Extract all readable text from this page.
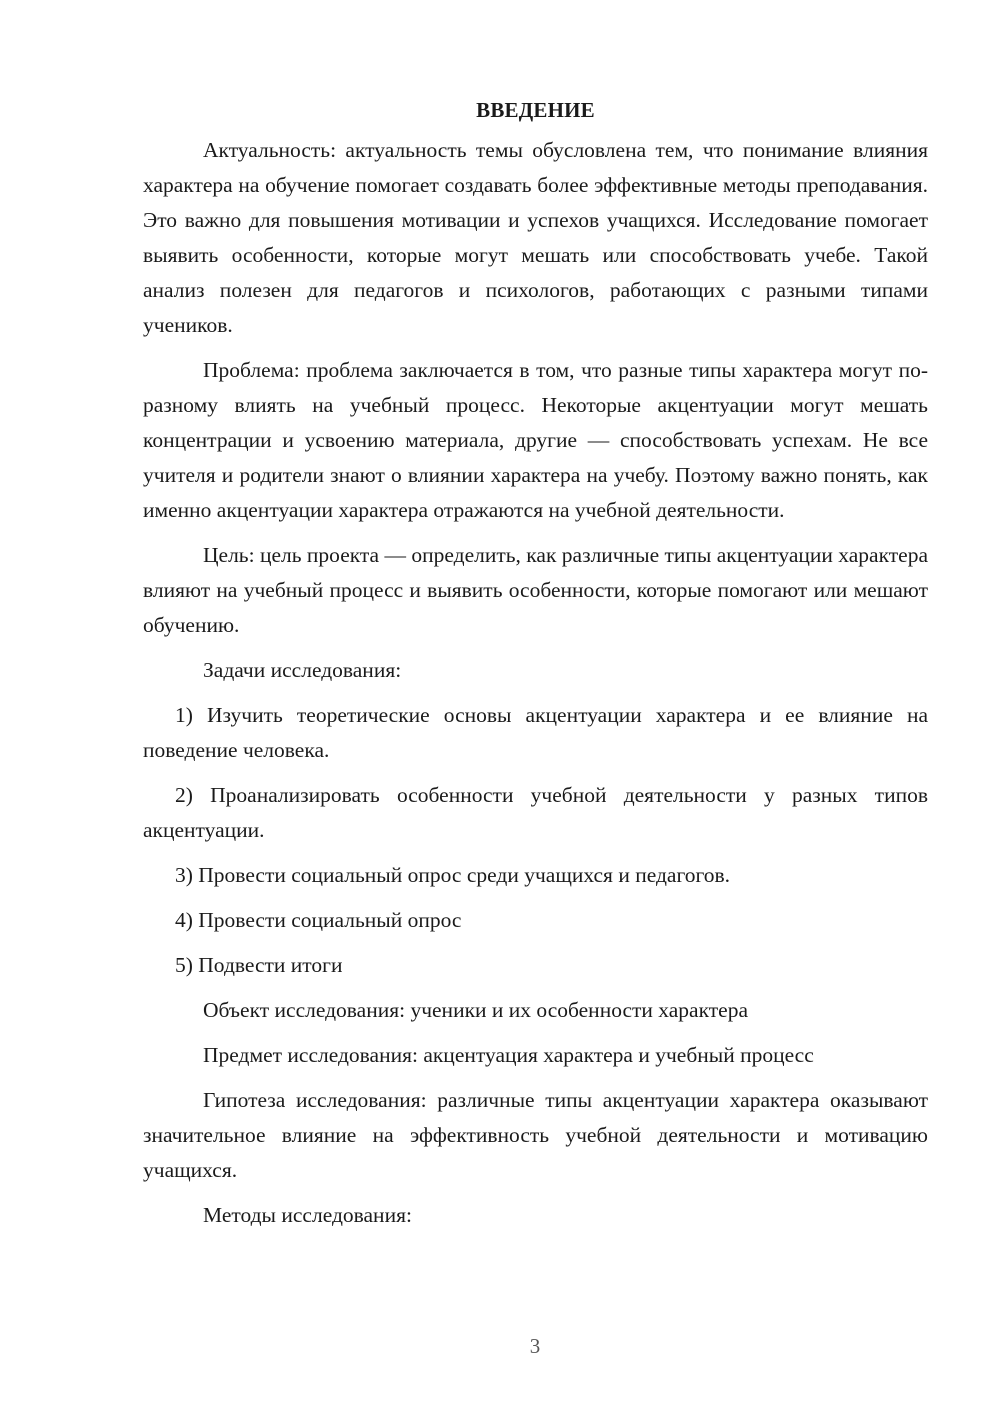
ВВЕДЕНИЕ

Актуальность: актуальность темы обусловлена тем, что понимание влияния характера на обучение помогает создавать более эффективные методы преподавания. Это важно для повышения мотивации и успехов учащихся. Исследование помогает выявить особенности, которые могут мешать или способствовать учебе. Такой анализ полезен для педагогов и психологов, работающих с разными типами учеников.

Проблема: проблема заключается в том, что разные типы характера могут по-разному влиять на учебный процесс. Некоторые акцентуации могут мешать концентрации и усвоению материала, другие — способствовать успехам. Не все учителя и родители знают о влиянии характера на учебу. Поэтому важно понять, как именно акцентуации характера отражаются на учебной деятельности.

Цель: цель проекта — определить, как различные типы акцентуации характера влияют на учебный процесс и выявить особенности, которые помогают или мешают обучению.

Задачи исследования:

1) Изучить теоретические основы акцентуации характера и ее влияние на поведение человека.

2) Проанализировать особенности учебной деятельности у разных типов акцентуации.

3) Провести социальный опрос среди учащихся и педагогов.

4) Провести социальный опрос

5) Подвести итоги

Объект исследования: ученики и их особенности характера

Предмет исследования: акцентуация характера и учебный процесс

Гипотеза исследования: различные типы акцентуации характера оказывают значительное влияние на эффективность учебной деятельности и мотивацию учащихся.

Методы исследования:

3
